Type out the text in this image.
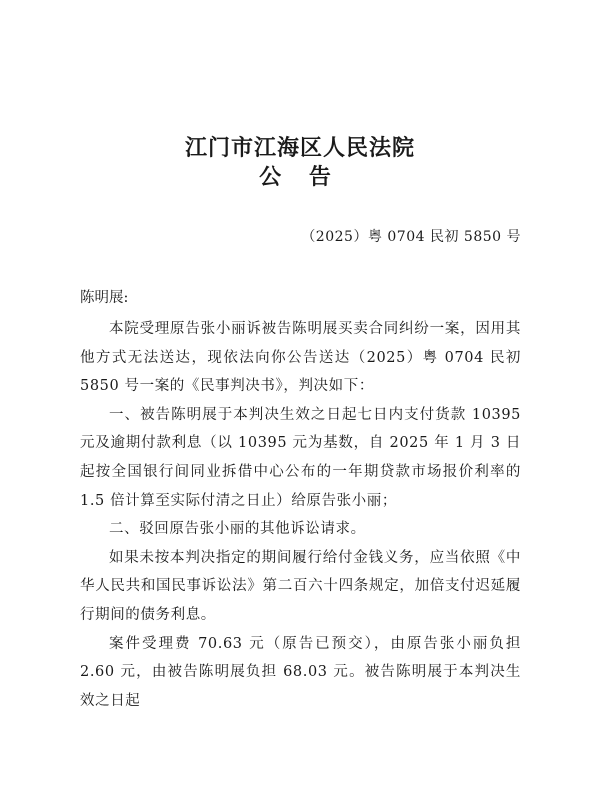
江门市江海区人民法院
公 告
（2025）粤 0704 民初 5850 号
陈明展:

本院受理原告张小丽诉被告陈明展买卖合同纠纷一案，因用其他方式无法送达，现依法向你公告送达（2025）粤 0704 民初 5850 号一案的《民事判决书》，判决如下：

一、被告陈明展于本判决生效之日起七日内支付货款 10395 元及逾期付款利息（以 10395 元为基数，自 2025 年 1 月 3 日起按全国银行间同业拆借中心公布的一年期贷款市场报价利率的 1.5 倍计算至实际付清之日止）给原告张小丽；

二、驳回原告张小丽的其他诉讼请求。

如果未按本判决指定的期间履行给付金钱义务，应当依照《中华人民共和国民事诉讼法》第二百六十四条规定，加倍支付迟延履行期间的债务利息。

案件受理费 70.63 元（原告已预交），由原告张小丽负担 2.60 元，由被告陈明展负担 68.03 元。被告陈明展于本判决生效之日起
